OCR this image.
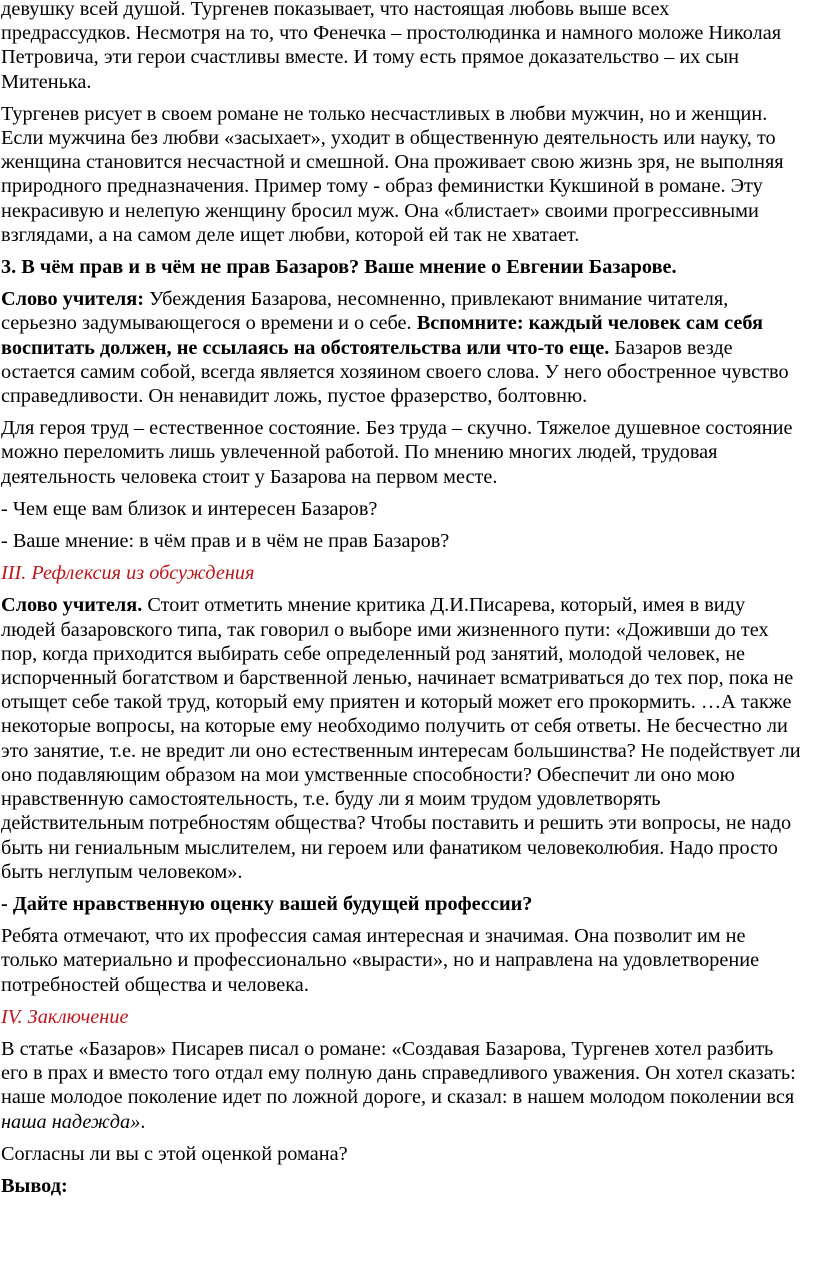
девушку всей душой. Тургенев показывает, что настоящая любовь выше всех предрассудков. Несмотря на то, что Фенечка – простолюдинка и намного моложе Николая Петровича, эти герои счастливы вместе. И тому есть прямое доказательство – их сын Митенька.

Тургенев рисует в своем романе не только несчастливых в любви мужчин, но и женщин. Если мужчина без любви «засыхает», уходит в общественную деятельность или науку, то женщина становится несчастной и смешной. Она проживает свою жизнь зря, не выполняя природного предназначения. Пример тому - образ феминистки Кукшиной в романе. Эту некрасивую и нелепую женщину бросил муж. Она «блистает» своими прогрессивными взглядами, а на самом деле ищет любви, которой ей так не хватает.

3. В чём прав и в чём не прав Базаров? Ваше мнение о Евгении Базарове.

Слово учителя: Убеждения Базарова, несомненно, привлекают внимание читателя, серьезно задумывающегося о времени и о себе. Вспомните: каждый человек сам себя воспитать должен, не ссылаясь на обстоятельства или что-то еще. Базаров везде остается самим собой, всегда является хозяином своего слова. У него обостренное чувство справедливости. Он ненавидит ложь, пустое фразерство, болтовню.

Для героя труд – естественное состояние. Без труда – скучно. Тяжелое душевное состояние можно переломить лишь увлеченной работой. По мнению многих людей, трудовая деятельность человека стоит у Базарова на первом месте.

- Чем еще вам близок и интересен Базаров?

- Ваше мнение: в чём прав и в чём не прав Базаров?

III. Рефлексия из обсуждения

Слово учителя. Стоит отметить мнение критика Д.И.Писарева, который, имея в виду людей базаровского типа, так говорил о выборе ими жизненного пути: «Доживши до тех пор, когда приходится выбирать себе определенный род занятий, молодой человек, не испорченный богатством и барственной ленью, начинает всматриваться до тех пор, пока не отыщет себе такой труд, который ему приятен и который может его прокормить. …А также некоторые вопросы, на которые ему необходимо получить от себя ответы. Не бесчестно ли это занятие, т.е. не вредит ли оно естественным интересам большинства? Не подействует ли оно подавляющим образом на мои умственные способности? Обеспечит ли оно мою нравственную самостоятельность, т.е. буду ли я моим трудом удовлетворять действительным потребностям общества? Чтобы поставить и решить эти вопросы, не надо быть ни гениальным мыслителем, ни героем или фанатиком человеколюбия. Надо просто быть неглупым человеком».

- Дайте нравственную оценку вашей будущей профессии?

Ребята отмечают, что их профессия самая интересная и значимая. Она позволит им не только материально и профессионально «вырасти», но и направлена на удовлетворение потребностей общества и человека.

IV. Заключение

В статье «Базаров» Писарев писал о романе: «Создавая Базарова, Тургенев хотел разбить его в прах и вместо того отдал ему полную дань справедливого уважения. Он хотел сказать: наше молодое поколение идет по ложной дороге, и сказал: в нашем молодом поколении вся наша надежда».

Согласны ли вы с этой оценкой романа?

Вывод:
